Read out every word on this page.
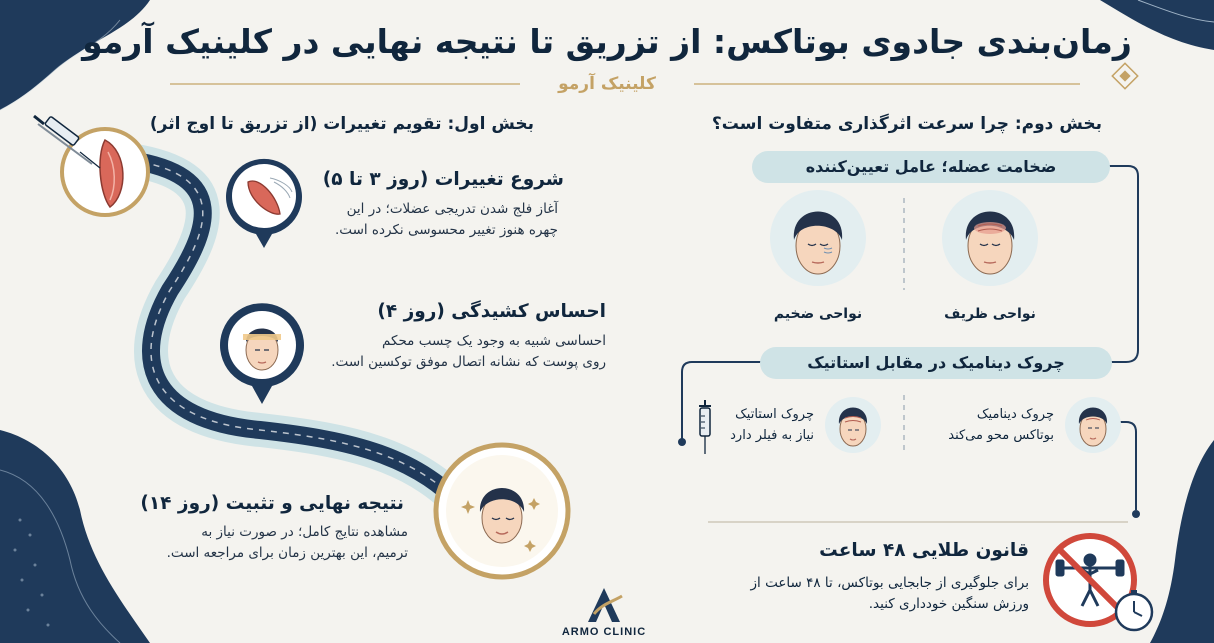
زمان‌بندی جادوی بوتاکس: از تزریق تا نتیجه نهایی در کلینیک آرمو
کلینیک آرمو
بخش اول: تقویم تغییرات (از تزریق تا اوج اثر)
شروع تغییرات (روز ۳ تا ۵)
آغاز فلج شدن تدریجی عضلات؛ در این
چهره هنوز تغییر محسوسی نکرده است.
احساس کشیدگی (روز ۴)
احساسی شبیه به وجود یک چسب محکم
روی پوست که نشانه اتصال موفق توکسین است.
نتیجه نهایی و تثبیت (روز ۱۴)
مشاهده نتایج کامل؛ در صورت نیاز به
ترمیم، این بهترین زمان برای مراجعه است.
ARMO CLINIC
بخش دوم: چرا سرعت اثرگذاری متفاوت است؟
ضخامت عضله؛ عامل تعیین‌کننده
نواحی ظریف
نواحی ضخیم
چروک دینامیک در مقابل استاتیک
چروک دینامیک
بوتاکس محو می‌کند
چروک استاتیک
نیاز به فیلر دارد
قانون طلایی ۴۸ ساعت
برای جلوگیری از جابجایی بوتاکس، تا ۴۸ ساعت از
ورزش سنگین خودداری کنید.
